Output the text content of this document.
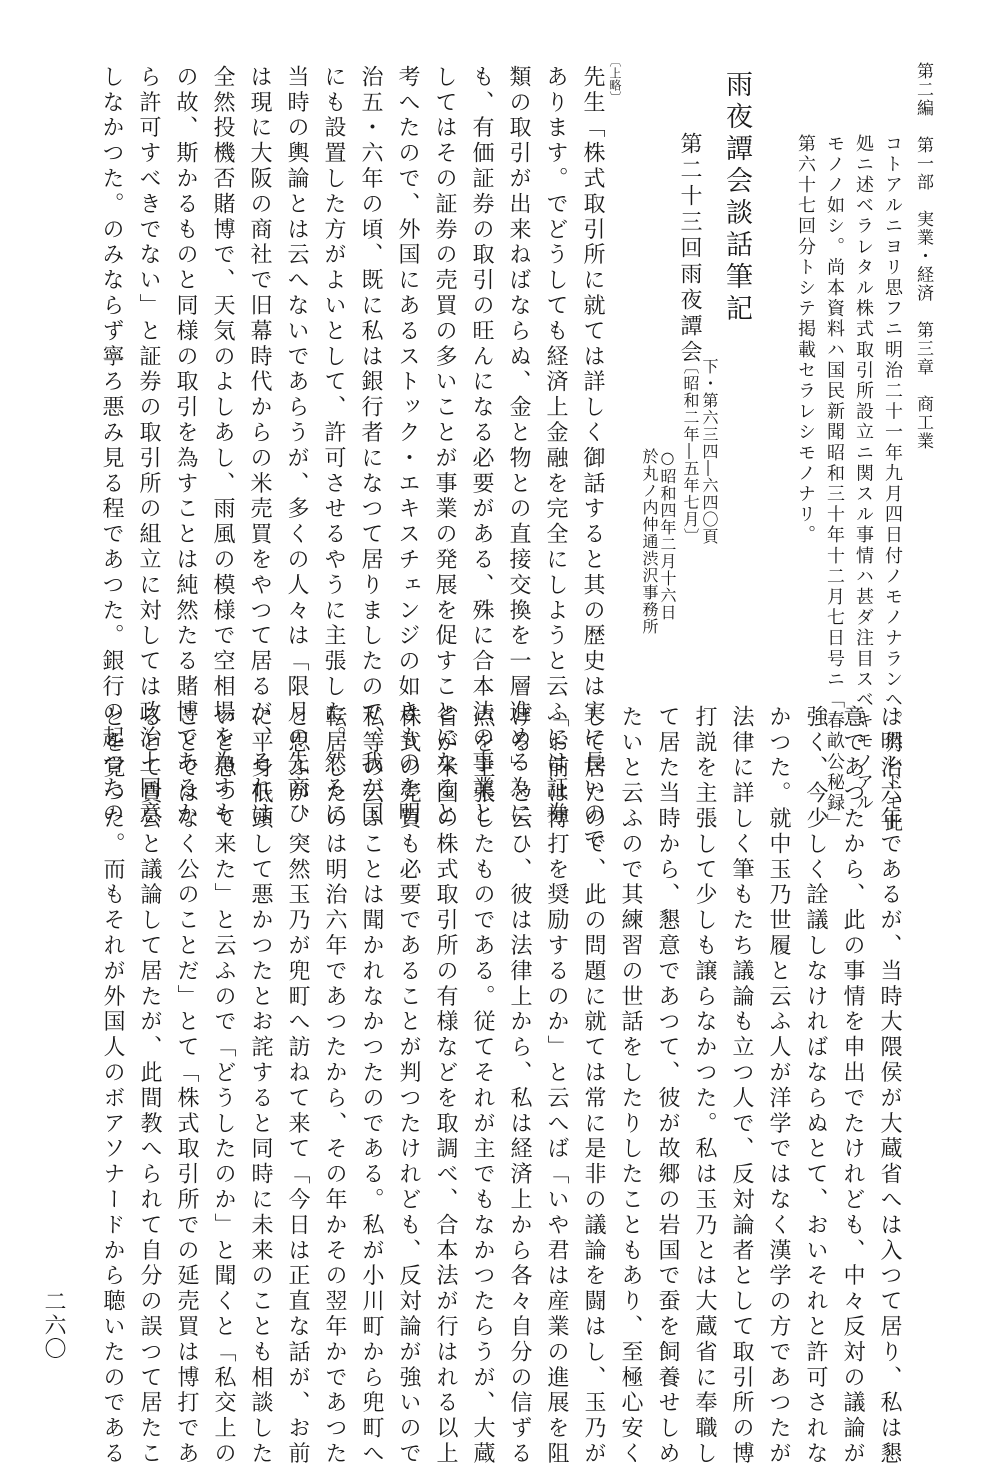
第二編　第一部　実業・経済　第三章　商工業
二六〇
コトアルニヨリ思フニ明治二十一年九月四日付ノモノナランヘ。然レドモ此
処ニ述ベラレタル株式取引所設立ニ関スル事情ハ甚ダ注目スベキモノアル
モノノ如シ。尚本資料ハ国民新聞昭和三十年十二月七日号ニ「春畝公秘録」
第六十七回分トシテ掲載セラレシモノナリ。
雨夜譚会談話筆記
第二十三回雨夜譚会
下・第六三四―六四〇頁
〔昭和二年―五年七月〕
○昭和四年二月十六日
於丸ノ内仲通渋沢事務所
〔上略〕
先生「株式取引所に就ては詳しく御話すると其の歴史は実に長いので
あります。でどうしても経済上金融を完全にしようと云ふには証券
類の取引が出来ねばならぬ、金と物との直接交換を一層進める為に
も、有価証券の取引の旺んになる必要がある、殊に合本法の事業と
してはその証券の売買の多いことが事業の発展を促すことになると
考へたので、外国にあるストック・エキスチェンジの如きものを明
治五・六年の頃、既に私は銀行者になつて居りましたので、我が国
にも設置した方がよいとして、許可させるやうに主張した。然るに
当時の輿論とは云へないであらうが、多くの人々は「限月の先商ひ
は現に大阪の商社で旧幕時代からの米売買をやつて居るが、それは
全然投機否賭博で、天気のよしあし、雨風の模様で空相場を為すも
の故、斯かるものと同様の取引を為すことは純然たる賭博であるか
ら許可すべきでない」と証券の取引所の組立に対しては政治上同意
しなかつた。のみならず寧ろ悪み見る程であつた。銀行の起つたの
は明治六年であるが、当時大隈侯が大蔵省へは入つて居り、私は懇
意であつたから、此の事情を申出でたけれども、中々反対の議論が
強く、今少しく詮議しなければならぬとて、おいそれと許可されな
かつた。就中玉乃世履と云ふ人が洋学ではなく漢学の方であつたが
法律に詳しく筆もたち議論も立つ人で、反対論者として取引所の博
打説を主張して少しも譲らなかつた。私は玉乃とは大蔵省に奉職し
て居た当時から、懇意であつて、彼が故郷の岩国で蚕を飼養せしめ
たいと云ふので其練習の世話をしたりしたこともあり、至極心安く
して居たので、此の問題に就ては常に是非の議論を闘はし、玉乃が
「お前は博打を奨励するのか」と云へば「いや君は産業の進展を阻
げる」と云ひ、彼は法律上から、私は経済上から各々自分の信ずる
点を主張したものである。従てそれが主でもなかつたらうが、大蔵
省が米国の株式取引所の有様などを取調べ、合本法が行はれる以上
株式の売買も必要であることが判つたけれども、反対論が強いので
私等の云ふことは聞かれなかつたのである。私が小川町から兜町へ
転居したのは明治六年であつたから、その年かその翌年かであつた
と思ふが、突然玉乃が兜町へ訪ねて来て「今日は正直な話が、お前
に平身低頭して悪かつたとお詫すると同時に未来のことも相談した
いと思つて来た」と云ふので「どうしたのか」と聞くと「私交上の
ことではなく公のことだ」とて「株式取引所での延売買は博打であ
るとて貴公と議論して居たが、此間教へられて自分の誤つて居たこ
とを覚つた。而もそれが外国人のボアソナードから聴いたのである
